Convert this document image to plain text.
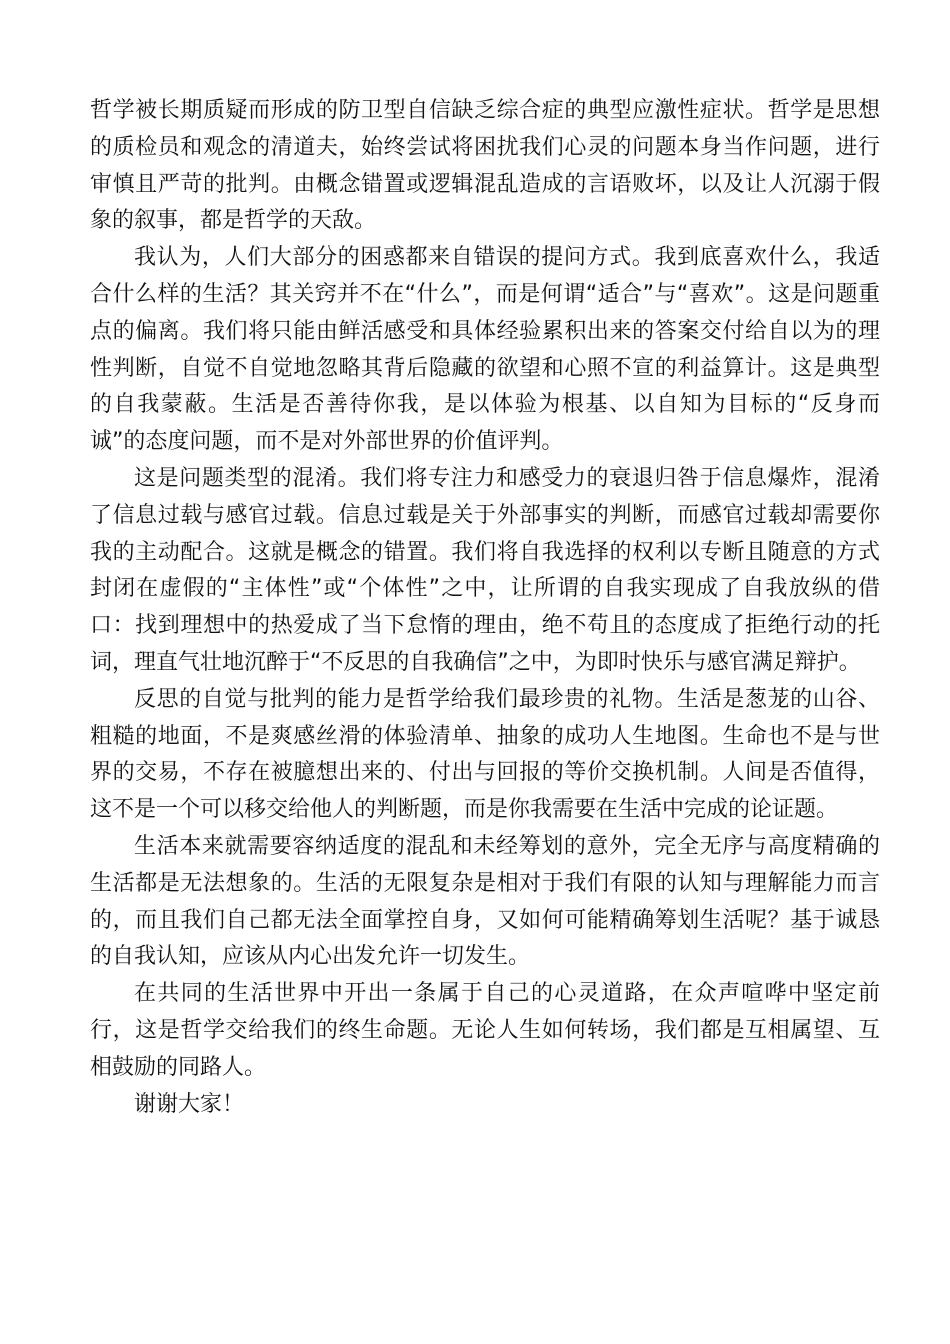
哲学被长期质疑而形成的防卫型自信缺乏综合症的典型应激性症状。哲学是思想的质检员和观念的清道夫，始终尝试将困扰我们心灵的问题本身当作问题，进行审慎且严苛的批判。由概念错置或逻辑混乱造成的言语败坏，以及让人沉溺于假象的叙事，都是哲学的天敌。

我认为，人们大部分的困惑都来自错误的提问方式。我到底喜欢什么，我适合什么样的生活？其关窍并不在“什么”，而是何谓“适合”与“喜欢”。这是问题重点的偏离。我们将只能由鲜活感受和具体经验累积出来的答案交付给自以为的理性判断，自觉不自觉地忽略其背后隐藏的欲望和心照不宣的利益算计。这是典型的自我蒙蔽。生活是否善待你我，是以体验为根基、以自知为目标的“反身而诚”的态度问题，而不是对外部世界的价值评判。

这是问题类型的混淆。我们将专注力和感受力的衰退归咎于信息爆炸，混淆了信息过载与感官过载。信息过载是关于外部事实的判断，而感官过载却需要你我的主动配合。这就是概念的错置。我们将自我选择的权利以专断且随意的方式封闭在虚假的“主体性”或“个体性”之中，让所谓的自我实现成了自我放纵的借口：找到理想中的热爱成了当下怠惰的理由，绝不苟且的态度成了拒绝行动的托词，理直气壮地沉醉于“不反思的自我确信”之中，为即时快乐与感官满足辩护。

反思的自觉与批判的能力是哲学给我们最珍贵的礼物。生活是葱茏的山谷、粗糙的地面，不是爽感丝滑的体验清单、抽象的成功人生地图。生命也不是与世界的交易，不存在被臆想出来的、付出与回报的等价交换机制。人间是否值得，这不是一个可以移交给他人的判断题，而是你我需要在生活中完成的论证题。

生活本来就需要容纳适度的混乱和未经筹划的意外，完全无序与高度精确的生活都是无法想象的。生活的无限复杂是相对于我们有限的认知与理解能力而言的，而且我们自己都无法全面掌控自身，又如何可能精确筹划生活呢？基于诚恳的自我认知，应该从内心出发允许一切发生。

在共同的生活世界中开出一条属于自己的心灵道路，在众声喧哗中坚定前行，这是哲学交给我们的终生命题。无论人生如何转场，我们都是互相属望、互相鼓励的同路人。

谢谢大家！
